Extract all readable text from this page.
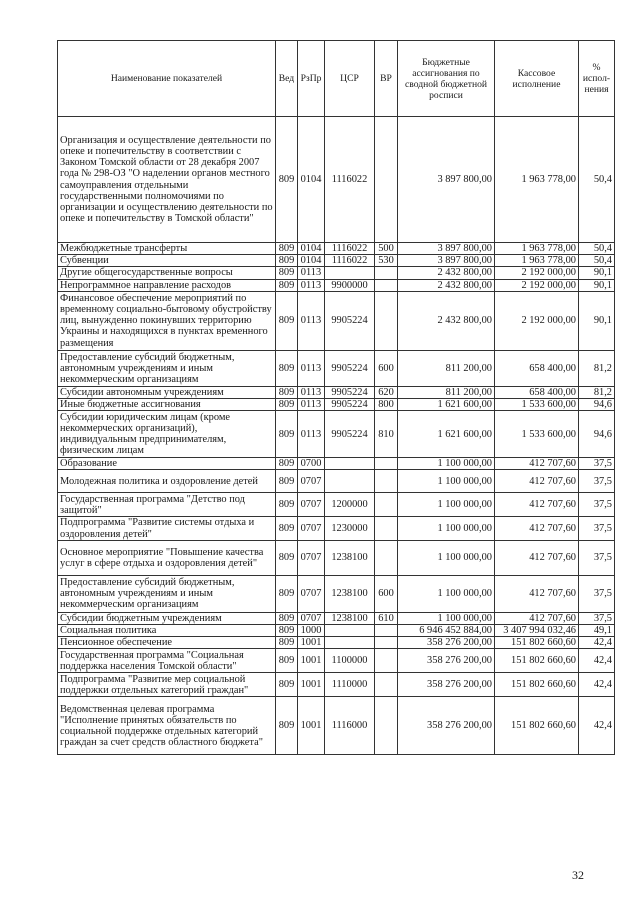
Наименование показателей	Вед	РзПр	ЦСР	ВР	Бюджетные ассигнования по сводной бюджетной росписи	Кассовое исполнение	% испол-нения
Организация и осуществление деятельности по опеке и попечительству в соответствии с Законом Томской области от 28 декабря 2007 года № 298-ОЗ "О наделении органов местного самоуправления отдельными государственными полномочиями по организации и осуществлению деятельности по опеке и попечительству в Томской области"	809	0104	1116022		3 897 800,00	1 963 778,00	50,4
Межбюджетные трансферты	809	0104	1116022	500	3 897 800,00	1 963 778,00	50,4
Субвенции	809	0104	1116022	530	3 897 800,00	1 963 778,00	50,4
Другие общегосударственные вопросы	809	0113			2 432 800,00	2 192 000,00	90,1
Непрограммное направление расходов	809	0113	9900000		2 432 800,00	2 192 000,00	90,1
Финансовое обеспечение мероприятий по временному социально-бытовому обустройству лиц, вынужденно покинувших территорию Украины и находящихся в пунктах временного размещения	809	0113	9905224		2 432 800,00	2 192 000,00	90,1
Предоставление субсидий бюджетным, автономным учреждениям и иным некоммерческим организациям	809	0113	9905224	600	811 200,00	658 400,00	81,2
Субсидии автономным учреждениям	809	0113	9905224	620	811 200,00	658 400,00	81,2
Иные бюджетные ассигнования	809	0113	9905224	800	1 621 600,00	1 533 600,00	94,6
Субсидии юридическим лицам (кроме некоммерческих организаций), индивидуальным предпринимателям, физическим лицам	809	0113	9905224	810	1 621 600,00	1 533 600,00	94,6
Образование	809	0700			1 100 000,00	412 707,60	37,5
Молодежная политика и оздоровление детей	809	0707			1 100 000,00	412 707,60	37,5
Государственная программа "Детство под защитой"	809	0707	1200000		1 100 000,00	412 707,60	37,5
Подпрограмма "Развитие системы отдыха и оздоровления детей"	809	0707	1230000		1 100 000,00	412 707,60	37,5
Основное мероприятие "Повышение качества услуг в сфере отдыха и оздоровления детей"	809	0707	1238100		1 100 000,00	412 707,60	37,5
Предоставление субсидий бюджетным, автономным учреждениям и иным некоммерческим организациям	809	0707	1238100	600	1 100 000,00	412 707,60	37,5
Субсидии бюджетным учреждениям	809	0707	1238100	610	1 100 000,00	412 707,60	37,5
Социальная политика	809	1000			6 946 452 884,00	3 407 994 032,46	49,1
Пенсионное обеспечение	809	1001			358 276 200,00	151 802 660,60	42,4
Государственная программа "Социальная поддержка населения Томской области"	809	1001	1100000		358 276 200,00	151 802 660,60	42,4
Подпрограмма "Развитие мер социальной поддержки отдельных категорий граждан"	809	1001	1110000		358 276 200,00	151 802 660,60	42,4
Ведомственная целевая программа "Исполнение принятых обязательств по социальной поддержке отдельных категорий граждан за счет средств областного бюджета"	809	1001	1116000		358 276 200,00	151 802 660,60	42,4
32
